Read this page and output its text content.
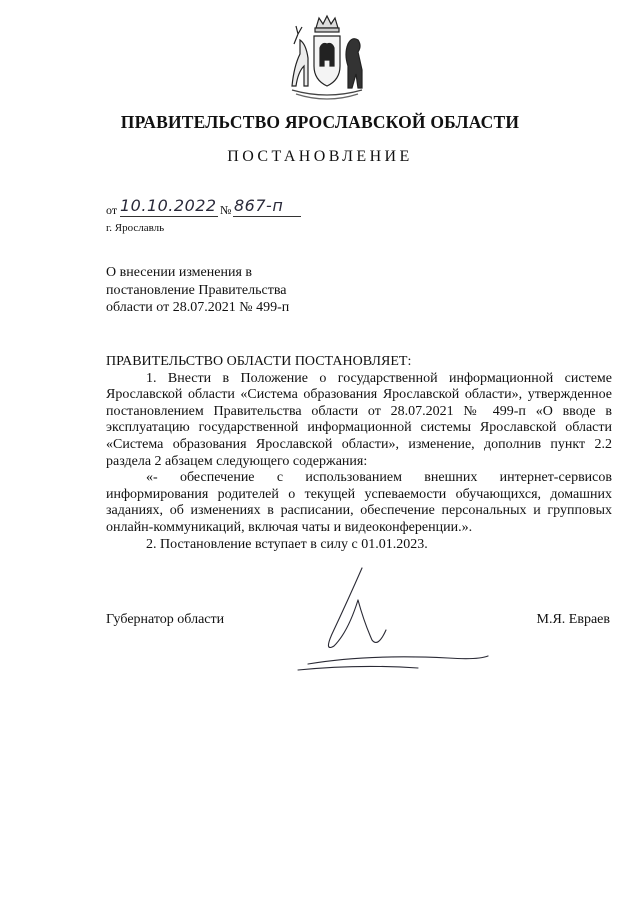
ПРАВИТЕЛЬСТВО ЯРОСЛАВСКОЙ ОБЛАСТИ
ПОСТАНОВЛЕНИЕ
от 10.10.2022 № 867-п
г. Ярославль
О внесении изменения в
постановление Правительства
области от 28.07.2021 № 499-п

ПРАВИТЕЛЬСТВО ОБЛАСТИ ПОСТАНОВЛЯЕТ:

1. Внести в Положение о государственной информационной системе Ярославской области «Система образования Ярославской области», утвержденное постановлением Правительства области от 28.07.2021 № 499-п «О вводе в эксплуатацию государственной информационной системы Ярославской области «Система образования Ярославской области», изменение, дополнив пункт 2.2 раздела 2 абзацем следующего содержания:

«- обеспечение с использованием внешних интернет-сервисов информирования родителей о текущей успеваемости обучающихся, домашних заданиях, об изменениях в расписании, обеспечение персональных и групповых онлайн-коммуникаций, включая чаты и видеоконференции.».

2. Постановление вступает в силу с 01.01.2023.

Губернатор области	М.Я. Евраев
